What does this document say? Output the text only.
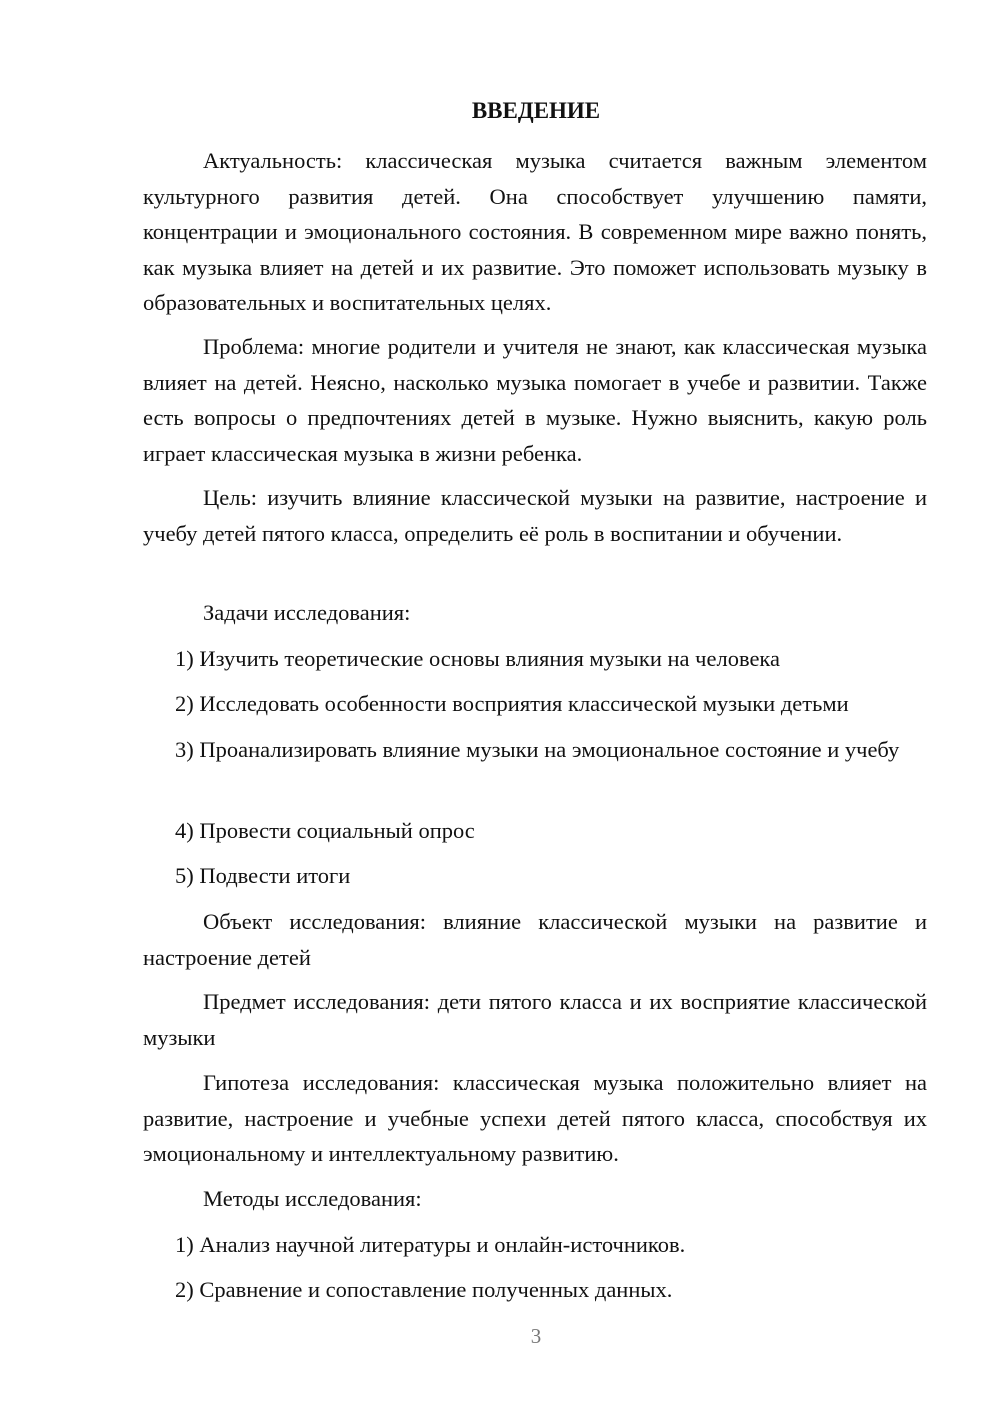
ВВЕДЕНИЕ

Актуальность: классическая музыка считается важным элементом культурного развития детей. Она способствует улучшению памяти, концентрации и эмоционального состояния. В современном мире важно понять, как музыка влияет на детей и их развитие. Это поможет использовать музыку в образовательных и воспитательных целях.

Проблема: многие родители и учителя не знают, как классическая музыка влияет на детей. Неясно, насколько музыка помогает в учебе и развитии. Также есть вопросы о предпочтениях детей в музыке. Нужно выяснить, какую роль играет классическая музыка в жизни ребенка.

Цель: изучить влияние классической музыки на развитие, настроение и учебу детей пятого класса, определить её роль в воспитании и обучении.

Задачи исследования:

1) Изучить теоретические основы влияния музыки на человека

2) Исследовать особенности восприятия классической музыки детьми

3) Проанализировать влияние музыки на эмоциональное состояние и учебу

4) Провести социальный опрос

5) Подвести итоги

Объект исследования: влияние классической музыки на развитие и настроение детей

Предмет исследования: дети пятого класса и их восприятие классической музыки

Гипотеза исследования: классическая музыка положительно влияет на развитие, настроение и учебные успехи детей пятого класса, способствуя их эмоциональному и интеллектуальному развитию.

Методы исследования:

1) Анализ научной литературы и онлайн-источников.

2) Сравнение и сопоставление полученных данных.

3
